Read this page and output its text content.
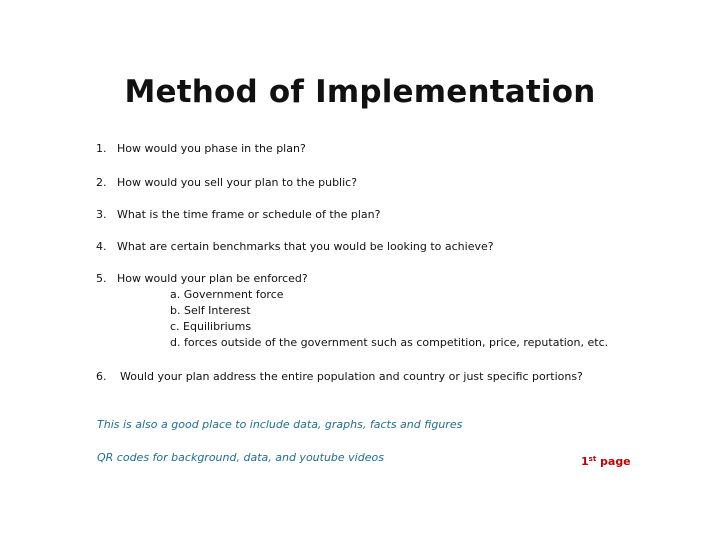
Method of Implementation
1. How would you phase in the plan?
2. How would you sell your plan to the public?
3. What is the time frame or schedule of the plan?
4. What are certain benchmarks that you would be looking to achieve?
5. How would your plan be enforced?
a. Government force
b. Self Interest
c. Equilibriums
d. forces outside of the government such as competition, price, reputation, etc.
6. Would your plan address the entire population and country or just specific portions?
This is also a good place to include data, graphs, facts and figures
QR codes for background, data, and youtube videos	1st page
